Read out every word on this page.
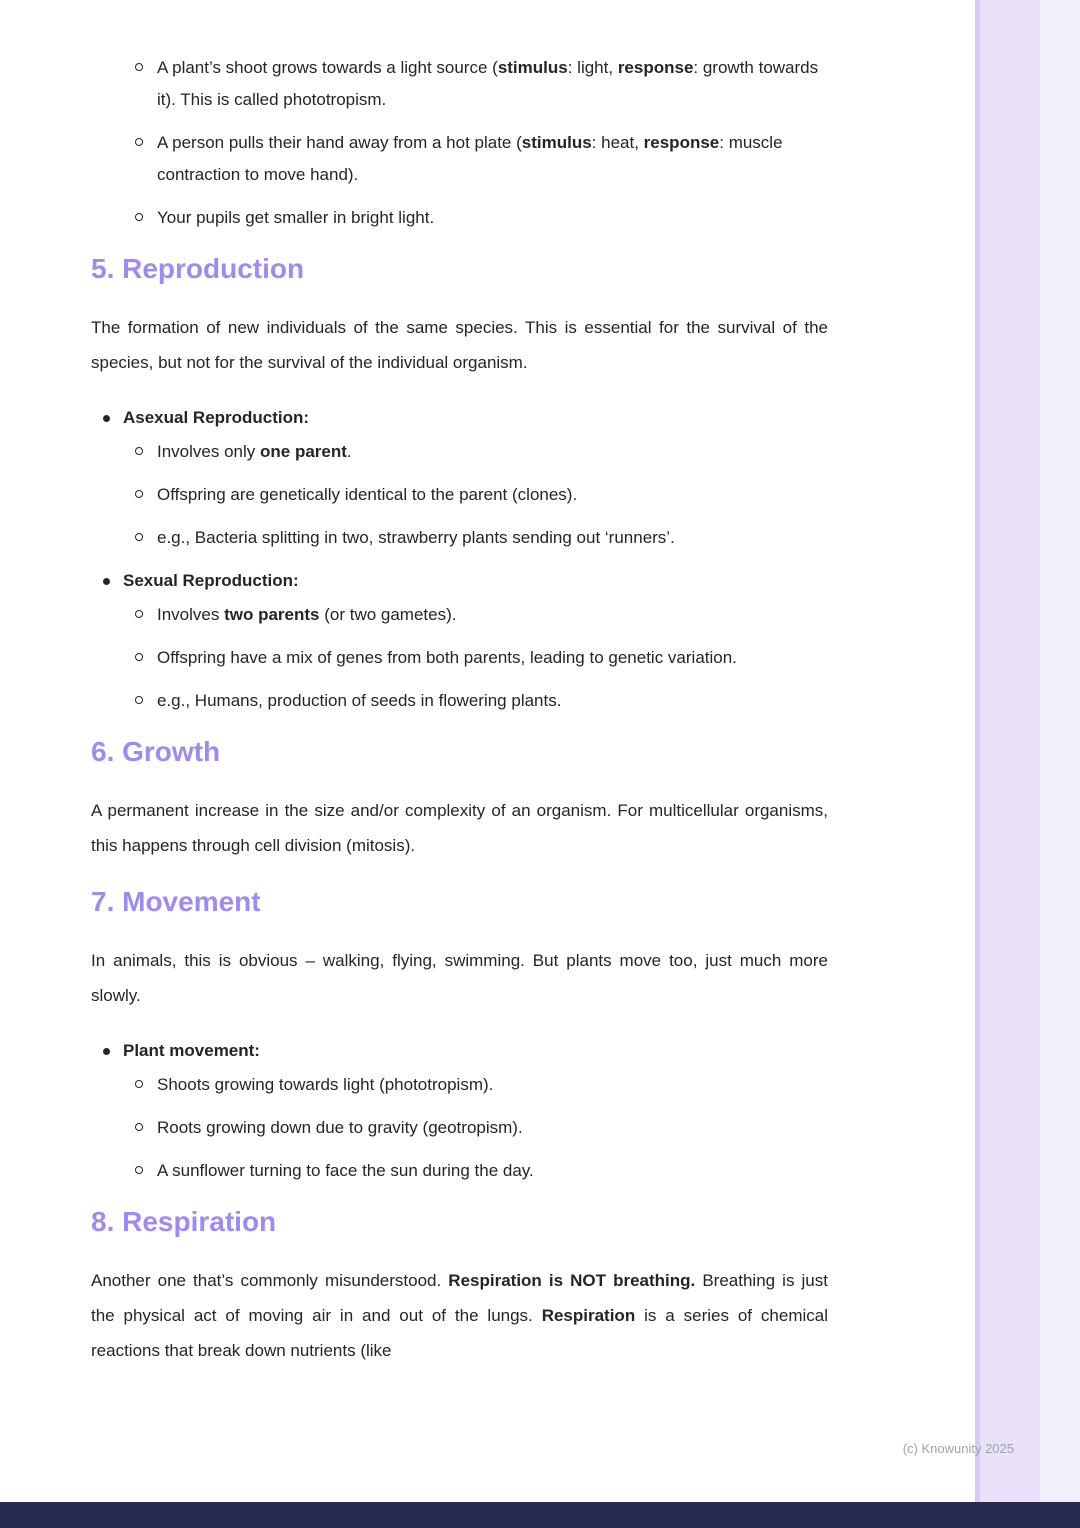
A plant’s shoot grows towards a light source (stimulus: light, response: growth towards it). This is called phototropism.
A person pulls their hand away from a hot plate (stimulus: heat, response: muscle contraction to move hand).
Your pupils get smaller in bright light.
5. Reproduction

The formation of new individuals of the same species. This is essential for the survival of the species, but not for the survival of the individual organism.

Asexual Reproduction:
Involves only one parent.
Offspring are genetically identical to the parent (clones).
e.g., Bacteria splitting in two, strawberry plants sending out ‘runners’.
Sexual Reproduction:
Involves two parents (or two gametes).
Offspring have a mix of genes from both parents, leading to genetic variation.
e.g., Humans, production of seeds in flowering plants.
6. Growth

A permanent increase in the size and/or complexity of an organism. For multicellular organisms, this happens through cell division (mitosis).

7. Movement

In animals, this is obvious – walking, flying, swimming. But plants move too, just much more slowly.

Plant movement:
Shoots growing towards light (phototropism).
Roots growing down due to gravity (geotropism).
A sunflower turning to face the sun during the day.
8. Respiration

Another one that’s commonly misunderstood. Respiration is NOT breathing. Breathing is just the physical act of moving air in and out of the lungs. Respiration is a series of chemical reactions that break down nutrients (like

(c) Knowunity 2025
